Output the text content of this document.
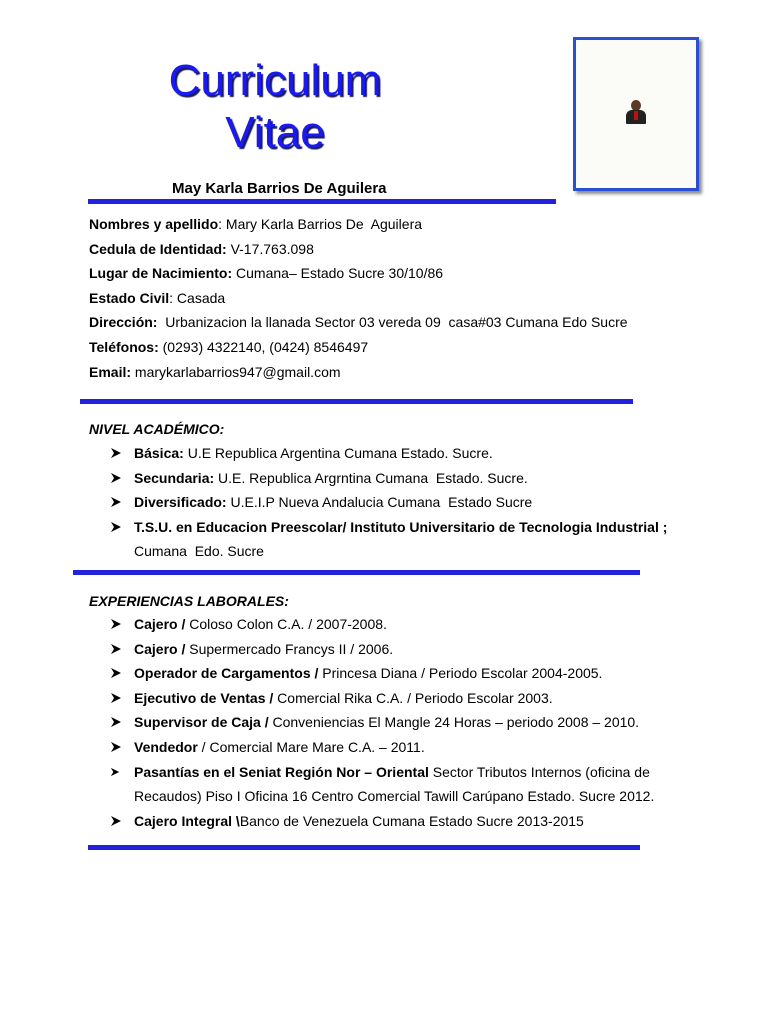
Curriculum
Vitae
May Karla Barrios De Aguilera
Nombres y apellido: Mary Karla Barrios De  Aguilera
Cedula de Identidad: V-17.763.098
Lugar de Nacimiento: Cumana– Estado Sucre 30/10/86
Estado Civil: Casada
Dirección:  Urbanizacion la llanada Sector 03 vereda 09  casa#03 Cumana Edo Sucre
Teléfonos: (0293) 4322140, (0424) 8546497
Email: marykarlabarrios947@gmail.com
NIVEL ACADÉMICO:
Básica: U.E Republica Argentina Cumana Estado. Sucre.
Secundaria: U.E. Republica Argrntina Cumana  Estado. Sucre.
Diversificado: U.E.I.P Nueva Andalucia Cumana  Estado Sucre
T.S.U. en Educacion Preescolar/ Instituto Universitario de Tecnologia Industrial ;
Cumana  Edo. Sucre
EXPERIENCIAS LABORALES:
Cajero / Coloso Colon C.A. / 2007-2008.
Cajero / Supermercado Francys II / 2006.
Operador de Cargamentos / Princesa Diana / Periodo Escolar 2004-2005.
Ejecutivo de Ventas / Comercial Rika C.A. / Periodo Escolar 2003.
Supervisor de Caja / Conveniencias El Mangle 24 Horas – periodo 2008 – 2010.
Vendedor / Comercial Mare Mare C.A. – 2011.
Pasantías en el Seniat Región Nor – Oriental Sector Tributos Internos (oficina de
Recaudos) Piso I Oficina 16 Centro Comercial Tawill Carúpano Estado. Sucre 2012.
Cajero Integral \Banco de Venezuela Cumana Estado Sucre 2013-2015
